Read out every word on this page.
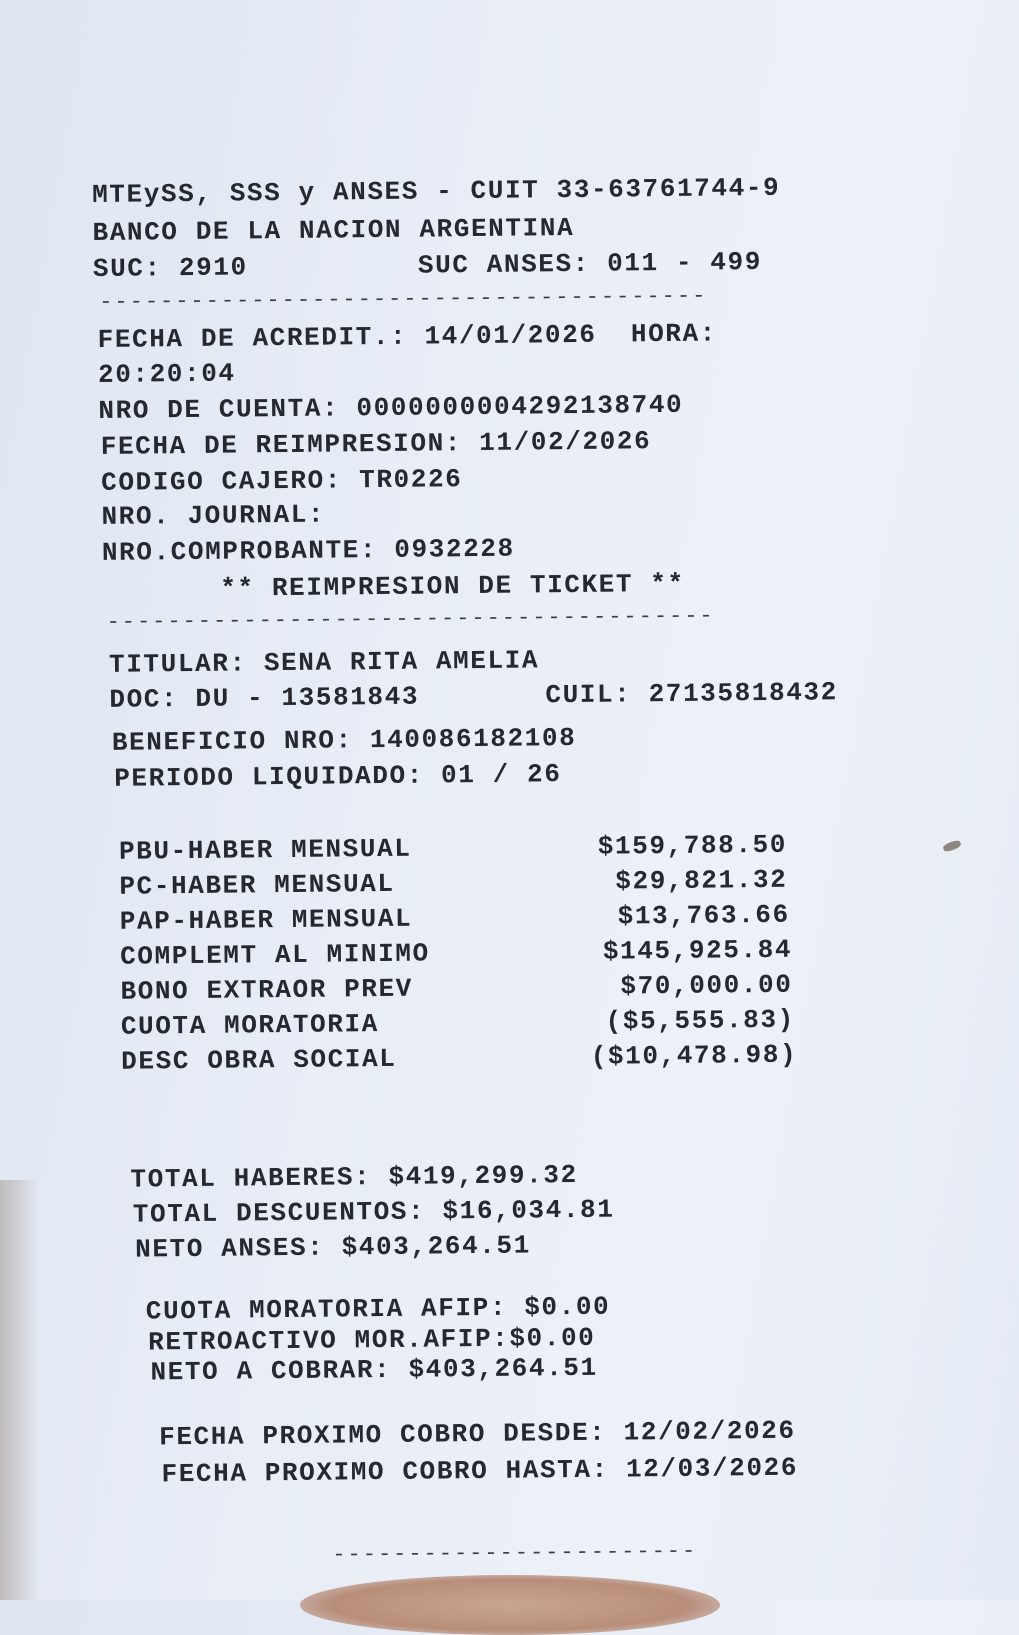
MTEySS, SSS y ANSES - CUIT 33-63761744-9
BANCO DE LA NACION ARGENTINA
SUC: 2910	SUC ANSES: 011 - 499
----------------------------------------
FECHA DE ACREDIT.: 14/01/2026  HORA:
20:20:04
NRO DE CUENTA: 0000000004292138740
FECHA DE REIMPRESION: 11/02/2026
CODIGO CAJERO: TR0226
NRO. JOURNAL:
NRO.COMPROBANTE: 0932228
** REIMPRESION DE TICKET **
----------------------------------------
TITULAR: SENA RITA AMELIA
DOC: DU - 13581843	CUIL: 27135818432
BENEFICIO NRO: 140086182108
PERIODO LIQUIDADO: 01 / 26
PBU-HABER MENSUAL	$159,788.50
PC-HABER MENSUAL	$29,821.32
PAP-HABER MENSUAL	$13,763.66
COMPLEMT AL MINIMO	$145,925.84
BONO EXTRAOR PREV	$70,000.00
CUOTA MORATORIA	($5,555.83)
DESC OBRA SOCIAL	($10,478.98)
TOTAL HABERES: $419,299.32
TOTAL DESCUENTOS: $16,034.81
NETO ANSES: $403,264.51
CUOTA MORATORIA AFIP: $0.00
RETROACTIVO MOR.AFIP:$0.00
NETO A COBRAR: $403,264.51
FECHA PROXIMO COBRO DESDE: 12/02/2026
FECHA PROXIMO COBRO HASTA: 12/03/2026
------------------------
